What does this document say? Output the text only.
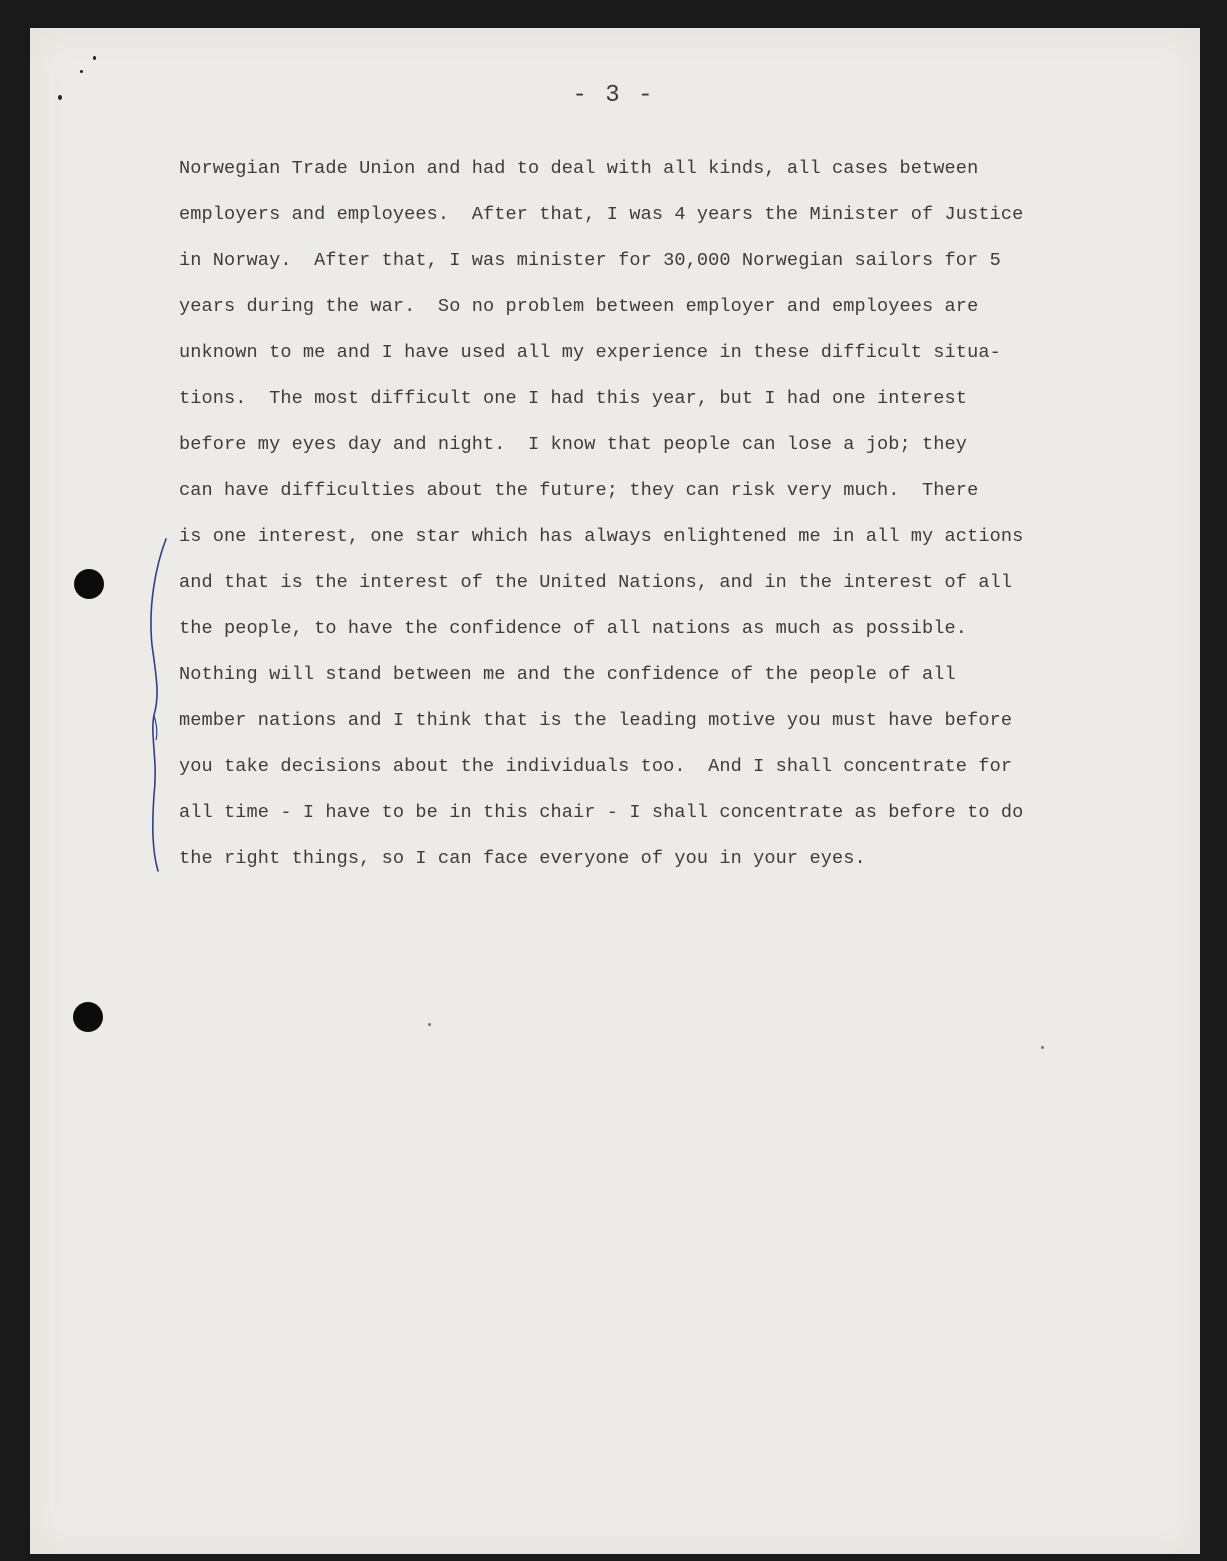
- 3 -
Norwegian Trade Union and had to deal with all kinds, all cases between
employers and employees.  After that, I was 4 years the Minister of Justice
in Norway.  After that, I was minister for 30,000 Norwegian sailors for 5
years during the war.  So no problem between employer and employees are
unknown to me and I have used all my experience in these difficult situa-
tions.  The most difficult one I had this year, but I had one interest
before my eyes day and night.  I know that people can lose a job; they
can have difficulties about the future; they can risk very much.  There
is one interest, one star which has always enlightened me in all my actions
and that is the interest of the United Nations, and in the interest of all
the people, to have the confidence of all nations as much as possible.
Nothing will stand between me and the confidence of the people of all
member nations and I think that is the leading motive you must have before
you take decisions about the individuals too.  And I shall concentrate for
all time - I have to be in this chair - I shall concentrate as before to do
the right things, so I can face everyone of you in your eyes.
